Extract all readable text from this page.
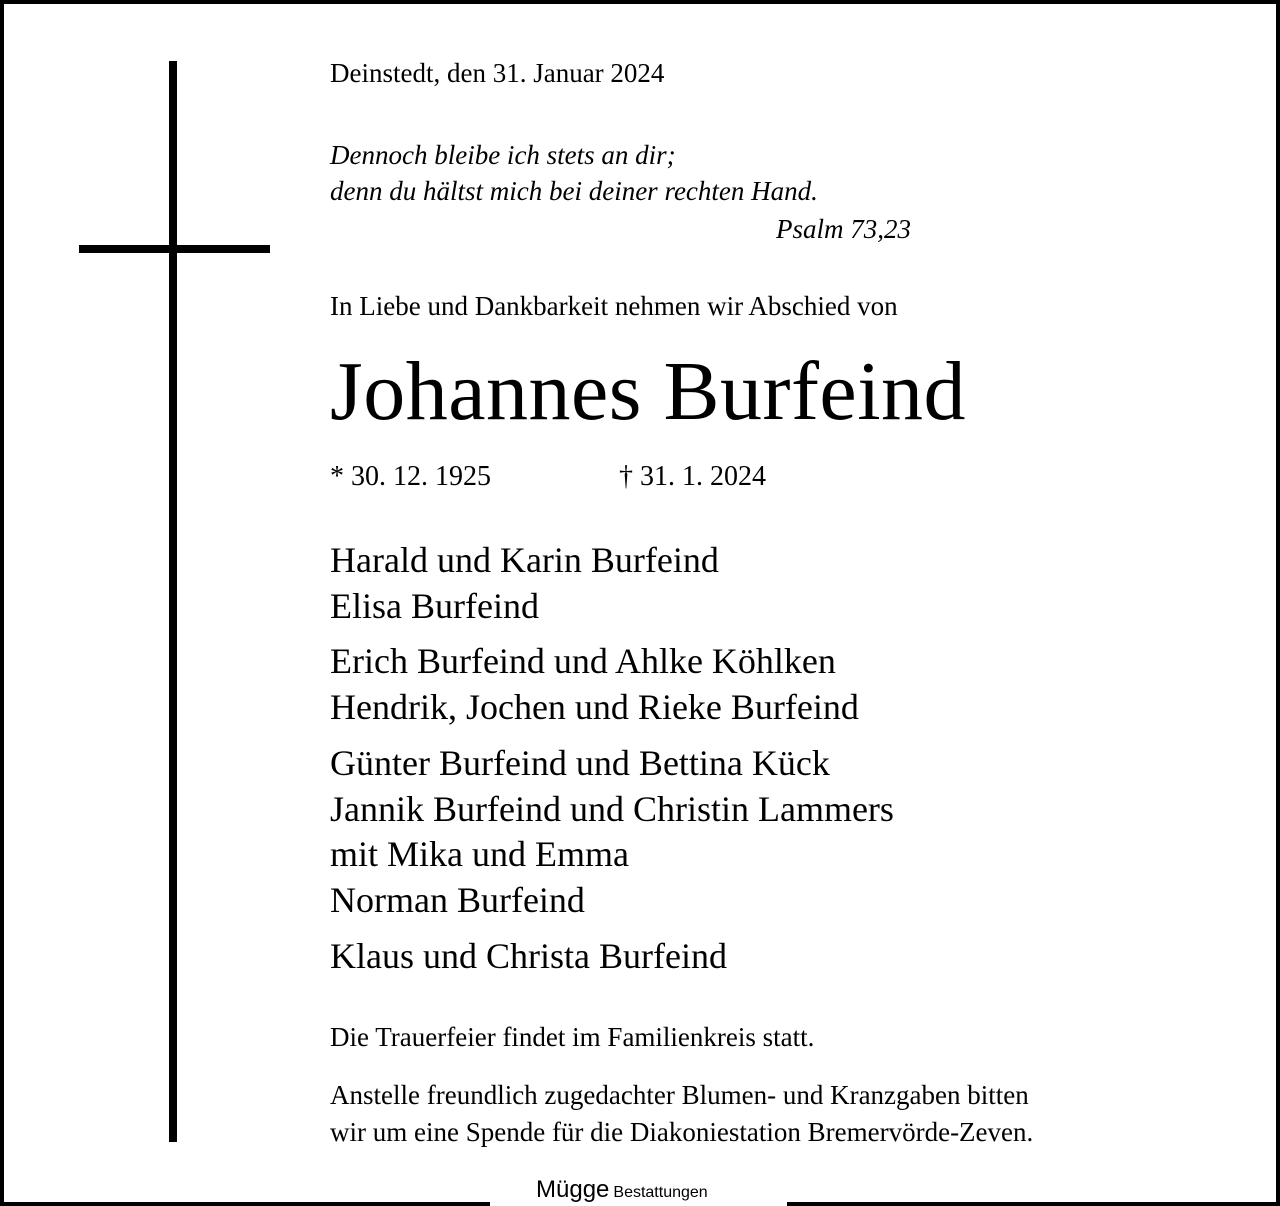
Deinstedt, den 31. Januar 2024
Dennoch bleibe ich stets an dir;
denn du hältst mich bei deiner rechten Hand.
Psalm 73,23
In Liebe und Dankbarkeit nehmen wir Abschied von
Johannes Burfeind
* 30. 12. 1925	† 31. 1. 2024
Harald und Karin Burfeind
Elisa Burfeind
Erich Burfeind und Ahlke Köhlken
Hendrik, Jochen und Rieke Burfeind
Günter Burfeind und Bettina Kück
Jannik Burfeind und Christin Lammers
mit Mika und Emma
Norman Burfeind
Klaus und Christa Burfeind
Die Trauerfeier findet im Familienkreis statt.
Anstelle freundlich zugedachter Blumen- und Kranzgaben bitten
wir um eine Spende für die Diakoniestation Bremervörde-Zeven.
Mügge Bestattungen
